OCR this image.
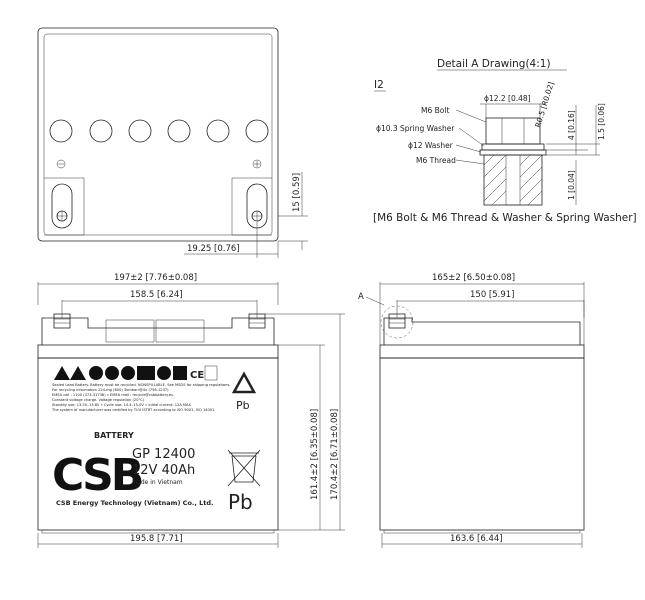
15 [0.59]
19.25 [0.76]
Detail A Drawing(4:1)
I2
M6 Bolt
ϕ10.3 Spring Washer
ϕ12 Washer
M6 Thread
ϕ12.2 [0.48] R0.5 [R0.02] 4 [0.16]	1.5 [0.06]
1 [0.04]
[M6 Bolt & M6 Thread & Washer & Spring Washer]
197±2 [7.76±0.08]
158.5 [6.24]
CE
Sealed Lead Battery. Battery must be recycled. NONSPILLABLE. See MSDS for shipping regulations.
For recycling information 224-mg (800) 3kmbarr@4u (756-1237)
EMEA call : 1100 (373-31738) » EMEA mail : recycle@csbbattery.eu
Constant voltage charge. Voltage regulation (20°C)
Standby use: 13.5V–13.8V » Cycle use: 14.4–15.0V » Initial current: 12A MAX
The system of manufacturer was certified by TUV ISTRT according to ISO 9001, ISO 14001. Pb
BATTERY
CSB
GP 12400
12V 40Ah
Made in Vietnam
CSB Energy Technology (Vietnam) Co., Ltd. Pb
161.4±2 [6.35±0.08] 170.4±2 [6.71±0.08]
195.8 [7.71]
165±2 [6.50±0.08]
150 [5.91]
A
163.6 [6.44]
